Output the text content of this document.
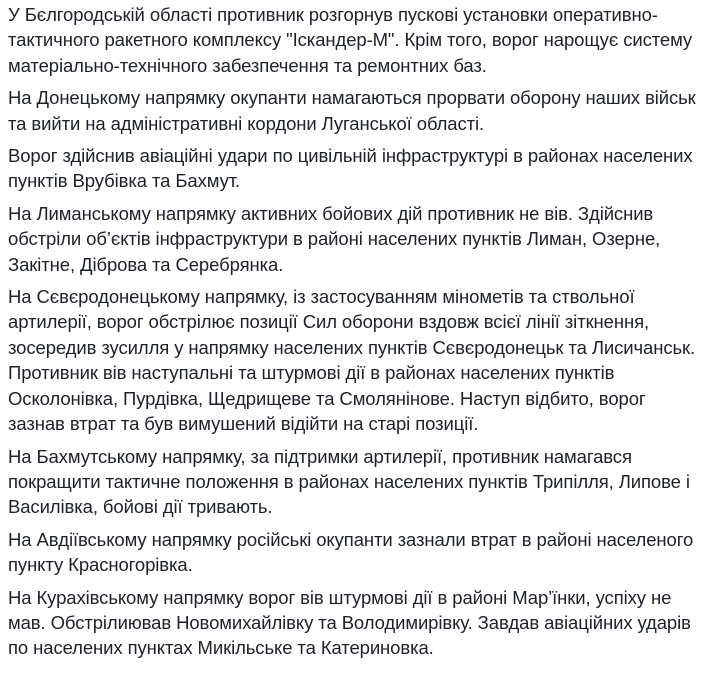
У Бєлгородській області противник розгорнув пускові установки оперативно-тактичного ракетного комплексу "Іскандер-М". Крім того, ворог нарощує систему матеріально-технічного забезпечення та ремонтних баз.

На Донецькому напрямку окупанти намагаються прорвати оборону наших військ та вийти на адміністративні кордони Луганської області.

Ворог здійснив авіаційні удари по цивільній інфраструктурі в районах населених пунктів Врубівка та Бахмут.

На Лиманському напрямку активних бойових дій противник не вів. Здійснив обстріли об’єктів інфраструктури в районі населених пунктів Лиман, Озерне, Закітне, Діброва та Серебрянка.

На Сєвєродонецькому напрямку, із застосуванням мінометів та ствольної артилерії, ворог обстрілює позиції Сил оборони вздовж всієї лінії зіткнення, зосередив зусилля у напрямку населених пунктів Сєвєродонецьк та Лисичанськ. Противник вів наступальні та штурмові дії в районах населених пунктів Осколонівка, Пурдівка, Щедрищеве та Смолянінове. Наступ відбито, ворог зазнав втрат та був вимушений відійти на старі позиції.

На Бахмутському напрямку, за підтримки артилерії, противник намагався покращити тактичне положення в районах населених пунктів Трипілля, Липове і Василівка, бойові дії тривають.

На Авдіївському напрямку російські окупанти зазнали втрат в районі населеного пункту Красногорівка.

На Курахівському напрямку ворог вів штурмові дії в районі Мар’їнки, успіху не мав. Обстрілиював Новомихайлівку та Володимирівку. Завдав авіаційних ударів по населених пунктах Микільське та Катериновка.
